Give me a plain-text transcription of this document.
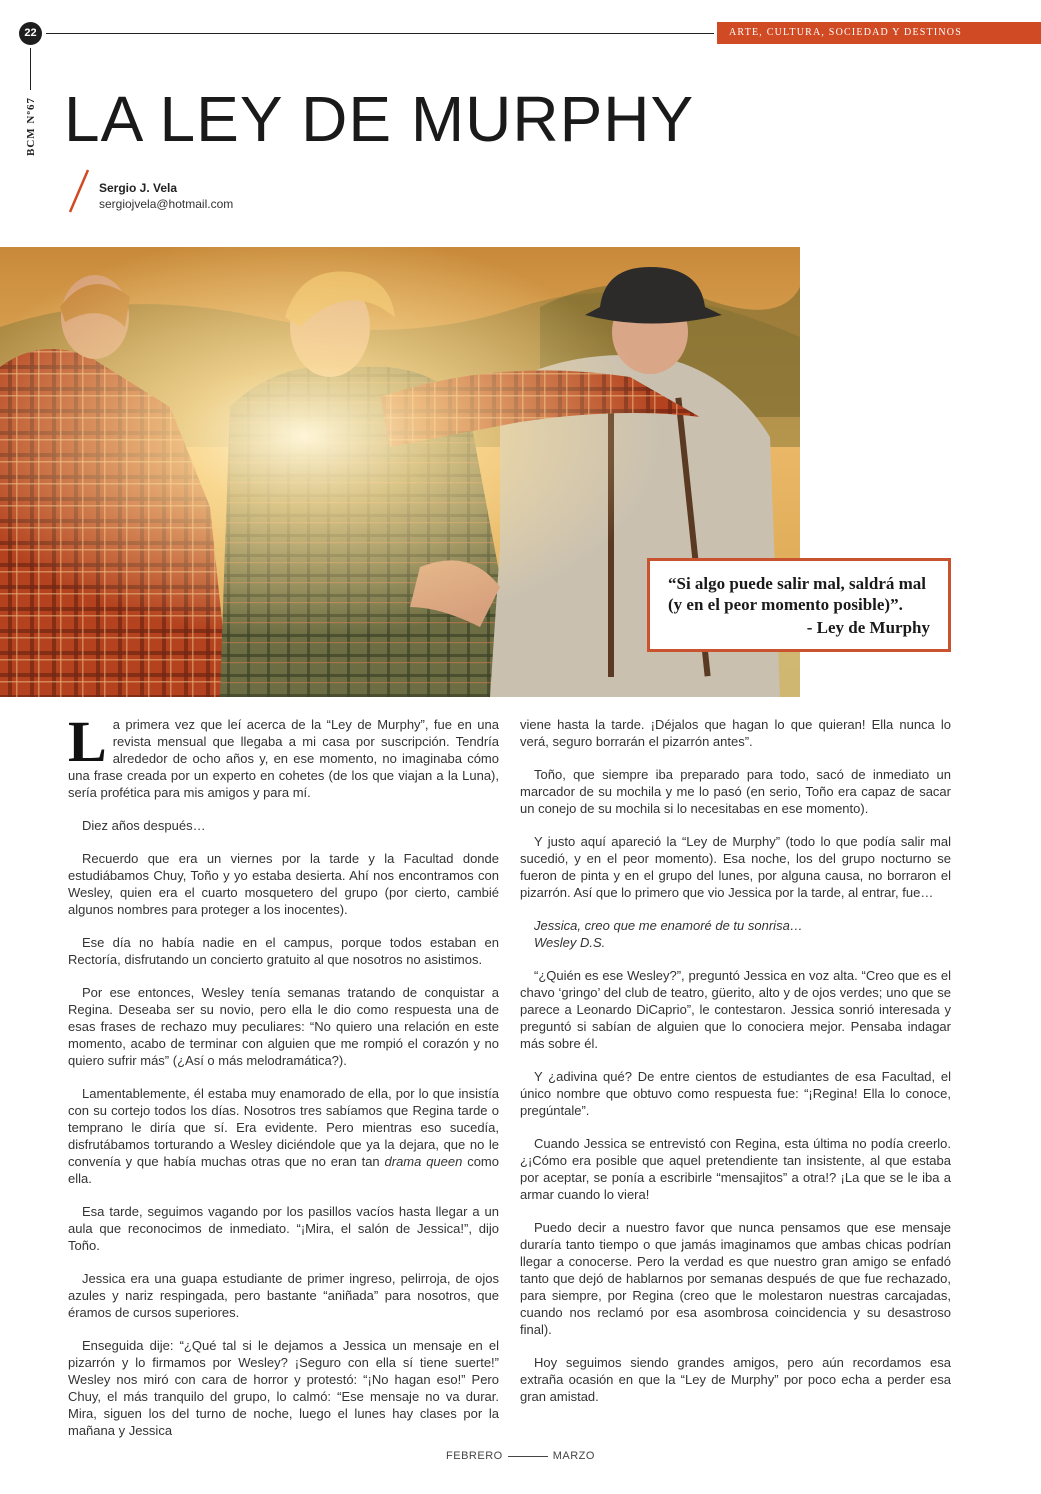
22	ARTE, CULTURA, SOCIEDAD Y DESTINOS
BCM Nº67 LA LEY DE MURPHY
Sergio J. Vela
sergiojvela@hotmail.com

“Si algo puede salir mal, saldrá mal (y en el peor momento posible)”.

- Ley de Murphy

La primera vez que leí acerca de la “Ley de Murphy”, fue en una revista mensual que llegaba a mi casa por suscripción. Tendría alrededor de ocho años y, en ese momento, no imaginaba cómo una frase creada por un experto en cohetes (de los que viajan a la Luna), sería profética para mis amigos y para mí.

Diez años después…

Recuerdo que era un viernes por la tarde y la Facultad donde estudiábamos Chuy, Toño y yo estaba desierta. Ahí nos encontramos con Wesley, quien era el cuarto mosquetero del grupo (por cierto, cambié algunos nombres para proteger a los inocentes).

Ese día no había nadie en el campus, porque todos estaban en Rectoría, disfrutando un concierto gratuito al que nosotros no asistimos.

Por ese entonces, Wesley tenía semanas tratando de conquistar a Regina. Deseaba ser su novio, pero ella le dio como respuesta una de esas frases de rechazo muy peculiares: “No quiero una relación en este momento, acabo de terminar con alguien que me rompió el corazón y no quiero sufrir más” (¿Así o más melodramática?).

Lamentablemente, él estaba muy enamorado de ella, por lo que insistía con su cortejo todos los días. Nosotros tres sabíamos que Regina tarde o temprano le diría que sí. Era evidente. Pero mientras eso sucedía, disfrutábamos torturando a Wesley diciéndole que ya la dejara, que no le convenía y que había muchas otras que no eran tan drama queen como ella.

Esa tarde, seguimos vagando por los pasillos vacíos hasta llegar a un aula que reconocimos de inmediato. “¡Mira, el salón de Jessica!”, dijo Toño.

Jessica era una guapa estudiante de primer ingreso, pelirroja, de ojos azules y nariz respingada, pero bastante “aniñada” para nosotros, que éramos de cursos superiores.

Enseguida dije: “¿Qué tal si le dejamos a Jessica un mensaje en el pizarrón y lo firmamos por Wesley? ¡Seguro con ella sí tiene suerte!” Wesley nos miró con cara de horror y protestó: “¡No hagan eso!” Pero Chuy, el más tranquilo del grupo, lo calmó: “Ese mensaje no va durar. Mira, siguen los del turno de noche, luego el lunes hay clases por la mañana y Jessica

viene hasta la tarde. ¡Déjalos que hagan lo que quieran! Ella nunca lo verá, seguro borrarán el pizarrón antes”.

Toño, que siempre iba preparado para todo, sacó de inmediato un marcador de su mochila y me lo pasó (en serio, Toño era capaz de sacar un conejo de su mochila si lo necesitabas en ese momento).

Y justo aquí apareció la “Ley de Murphy” (todo lo que podía salir mal sucedió, y en el peor momento). Esa noche, los del grupo nocturno se fueron de pinta y en el grupo del lunes, por alguna causa, no borraron el pizarrón. Así que lo primero que vio Jessica por la tarde, al entrar, fue…

Jessica, creo que me enamoré de tu sonrisa…

Wesley D.S.

“¿Quién es ese Wesley?”, preguntó Jessica en voz alta. “Creo que es el chavo ‘gringo’ del club de teatro, güerito, alto y de ojos verdes; uno que se parece a Leonardo DiCaprio”, le contestaron. Jessica sonrió interesada y preguntó si sabían de alguien que lo conociera mejor. Pensaba indagar más sobre él.

Y ¿adivina qué? De entre cientos de estudiantes de esa Facultad, el único nombre que obtuvo como respuesta fue: “¡Regina! Ella lo conoce, pregúntale”.

Cuando Jessica se entrevistó con Regina, esta última no podía creerlo. ¿¡Cómo era posible que aquel pretendiente tan insistente, al que estaba por aceptar, se ponía a escribirle “mensajitos” a otra!? ¡La que se le iba a armar cuando lo viera!

Puedo decir a nuestro favor que nunca pensamos que ese mensaje duraría tanto tiempo o que jamás imaginamos que ambas chicas podrían llegar a conocerse. Pero la verdad es que nuestro gran amigo se enfadó tanto que dejó de hablarnos por semanas después de que fue rechazado, para siempre, por Regina (creo que le molestaron nuestras carcajadas, cuando nos reclamó por esa asombrosa coincidencia y su desastroso final).

Hoy seguimos siendo grandes amigos, pero aún recordamos esa extraña ocasión en que la “Ley de Murphy” por poco echa a perder esa gran amistad.

FEBRERO	MARZO
